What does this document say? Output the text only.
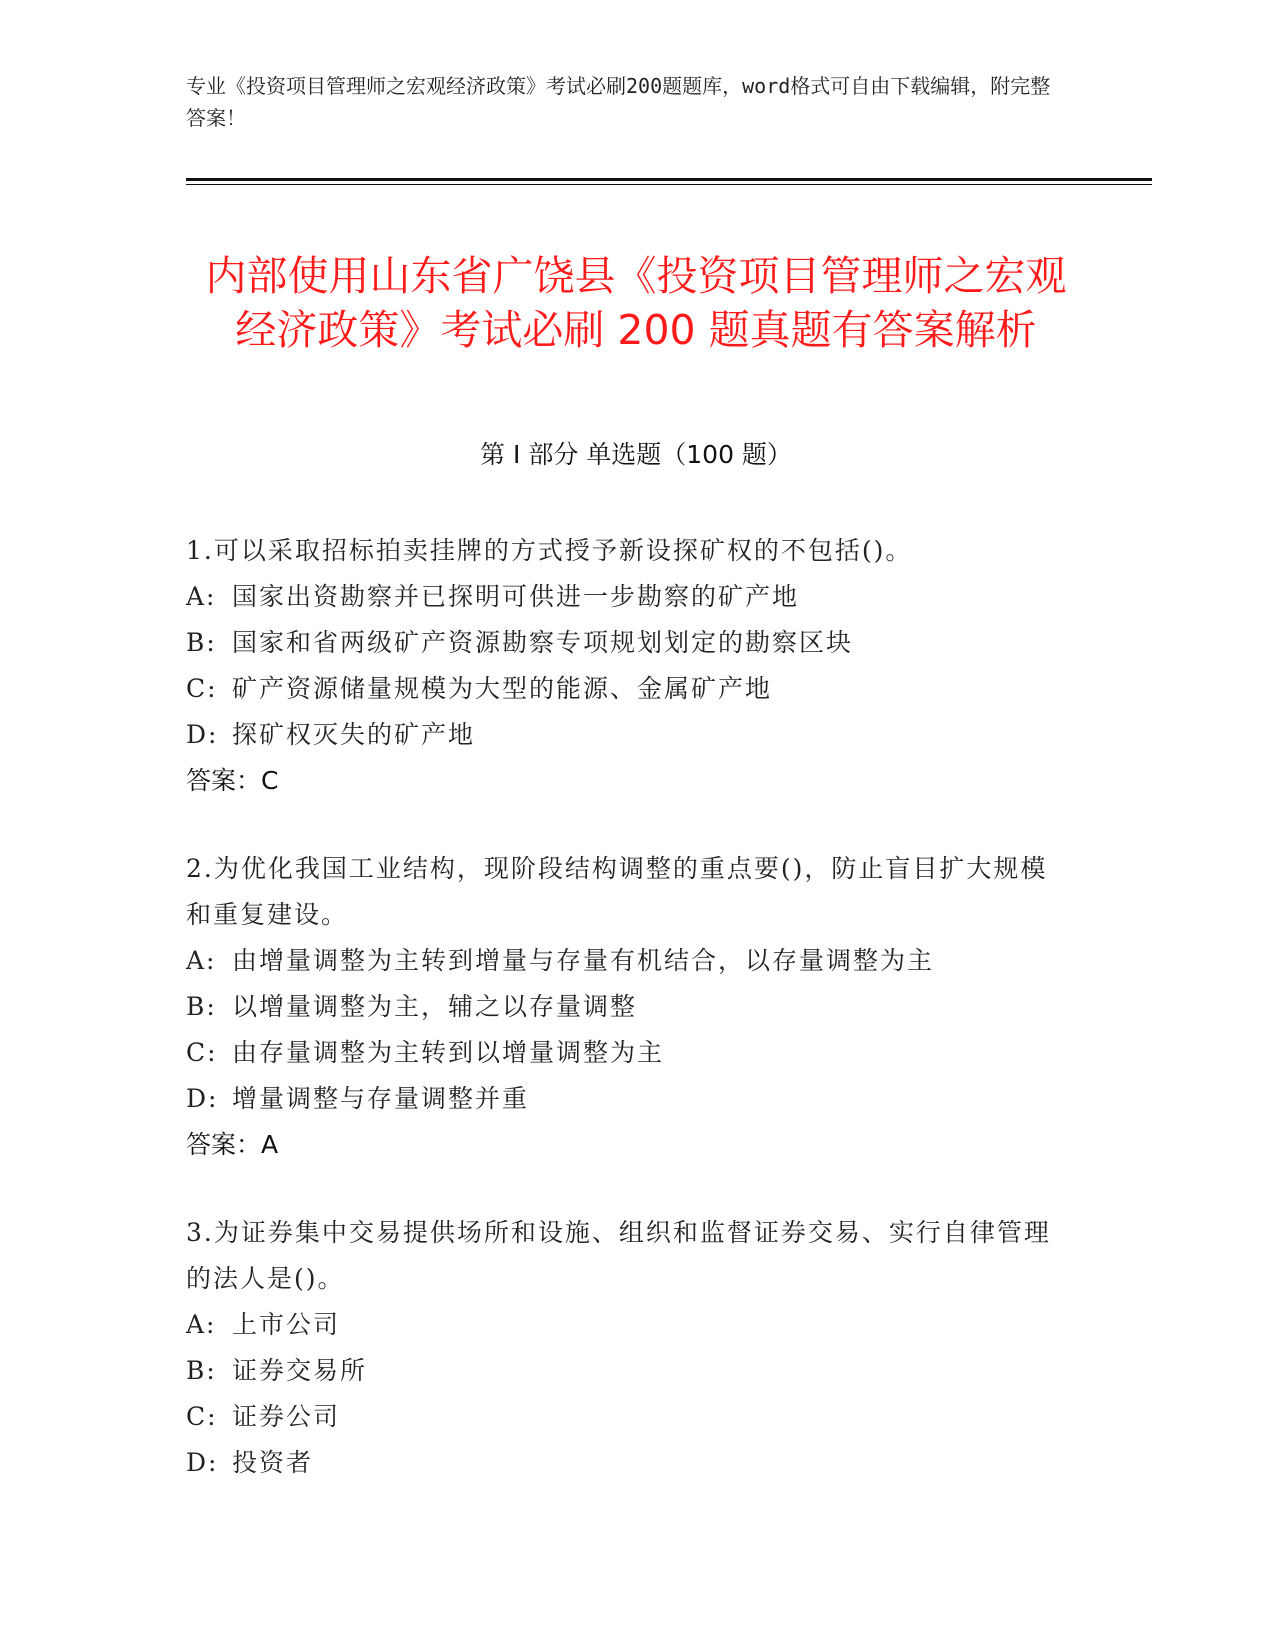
专业《投资项目管理师之宏观经济政策》考试必刷200题题库，word格式可自由下载编辑，附完整答案！
内部使用山东省广饶县《投资项目管理师之宏观经济政策》考试必刷 200 题真题有答案解析
第 I 部分 单选题（100 题）
1.可以采取招标拍卖挂牌的方式授予新设探矿权的不包括()。
A: 国家出资勘察并已探明可供进一步勘察的矿产地
B: 国家和省两级矿产资源勘察专项规划划定的勘察区块
C: 矿产资源储量规模为大型的能源、金属矿产地
D: 探矿权灭失的矿产地
答案：C
2.为优化我国工业结构，现阶段结构调整的重点要()，防止盲目扩大规模和重复建设。
A: 由增量调整为主转到增量与存量有机结合，以存量调整为主
B: 以增量调整为主，辅之以存量调整
C: 由存量调整为主转到以增量调整为主
D: 增量调整与存量调整并重
答案：A
3.为证券集中交易提供场所和设施、组织和监督证券交易、实行自律管理的法人是()。
A: 上市公司
B: 证券交易所
C: 证券公司
D: 投资者
